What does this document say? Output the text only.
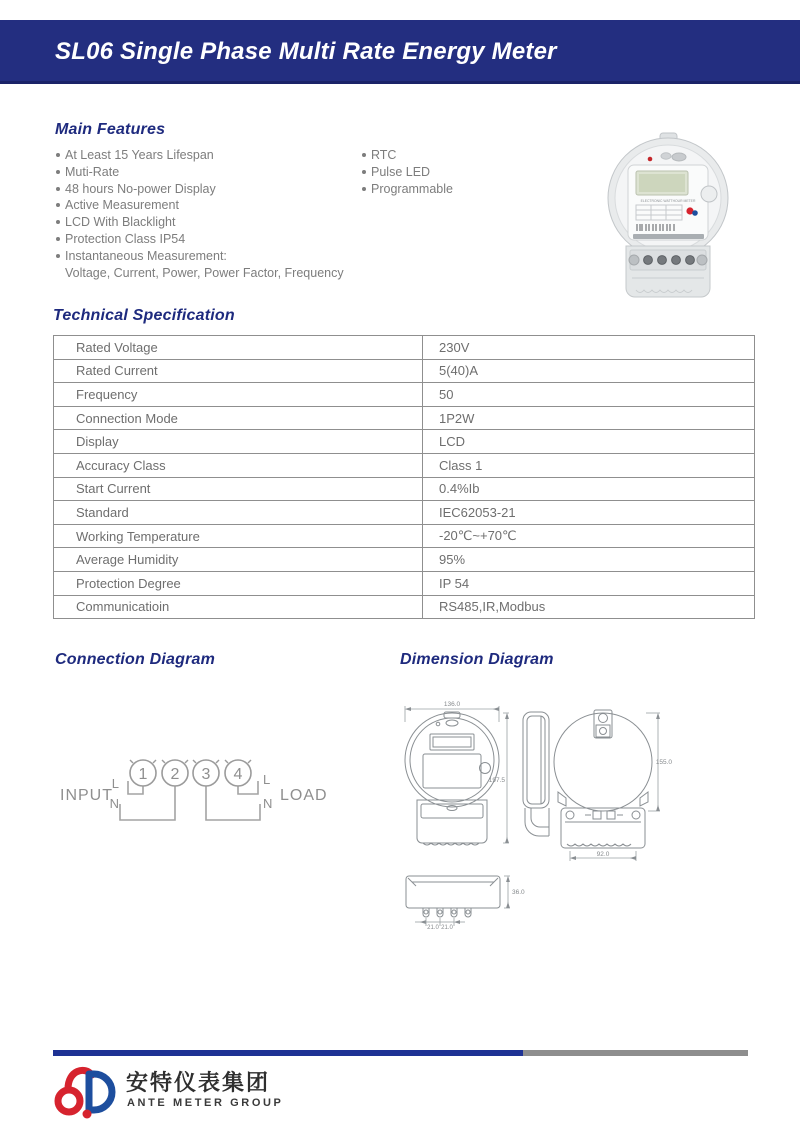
SL06 Single Phase Multi Rate Energy Meter
Main Features
At Least 15 Years Lifespan
Muti-Rate
48 hours No-power Display
Active Measurement
LCD With Blacklight
Protection Class IP54
Instantaneous Measurement:
Voltage, Current, Power, Power Factor, Frequency
RTC
Pulse LED
Programmable
ELECTRONIC WATTHOUR METER
Technical Specification
Rated Voltage	230V
Rated Current	5(40)A
Frequency	50
Connection Mode	1P2W
Display	LCD
Accuracy Class	Class 1
Start Current	0.4%Ib
Standard	IEC62053-21
Working Temperature	-20℃~+70℃
Average Humidity	95%
Protection Degree	IP 54
Communicatioin	RS485,IR,Modbus
Connection Diagram	Dimension Diagram
1 2 3 4
INPUT
L
N
L
N LOAD
136.0
197.5
155.0
92.0
21.0 21.0
36.0
安特仪表集团
ANTE METER GROUP
